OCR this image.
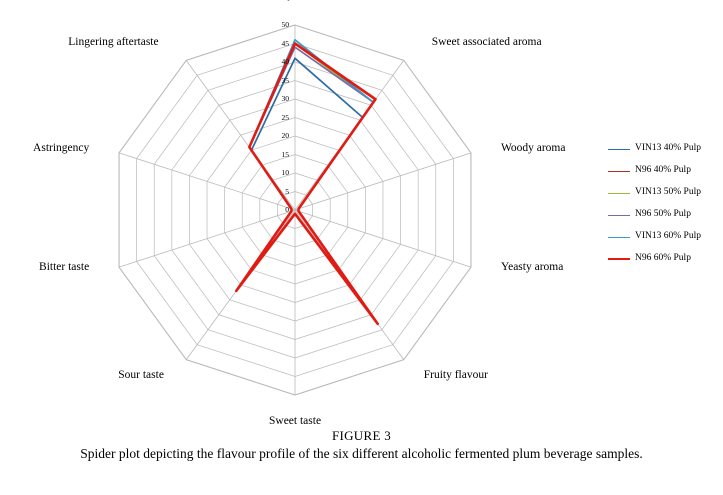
0
5
10
15
20
25
30
35
40
45
50
Sweet associated aroma
Woody aroma
Yeasty aroma
Fruity flavour
Sweet taste
Sour taste
Bitter taste
Astringency
Lingering aftertaste
VIN13 40% Pulp
N96 40% Pulp
VIN13 50% Pulp
N96 50% Pulp
VIN13 60% Pulp
N96 60% Pulp
FIGURE 3
Spider plot depicting the flavour profile of the six different alcoholic fermented plum beverage samples.
